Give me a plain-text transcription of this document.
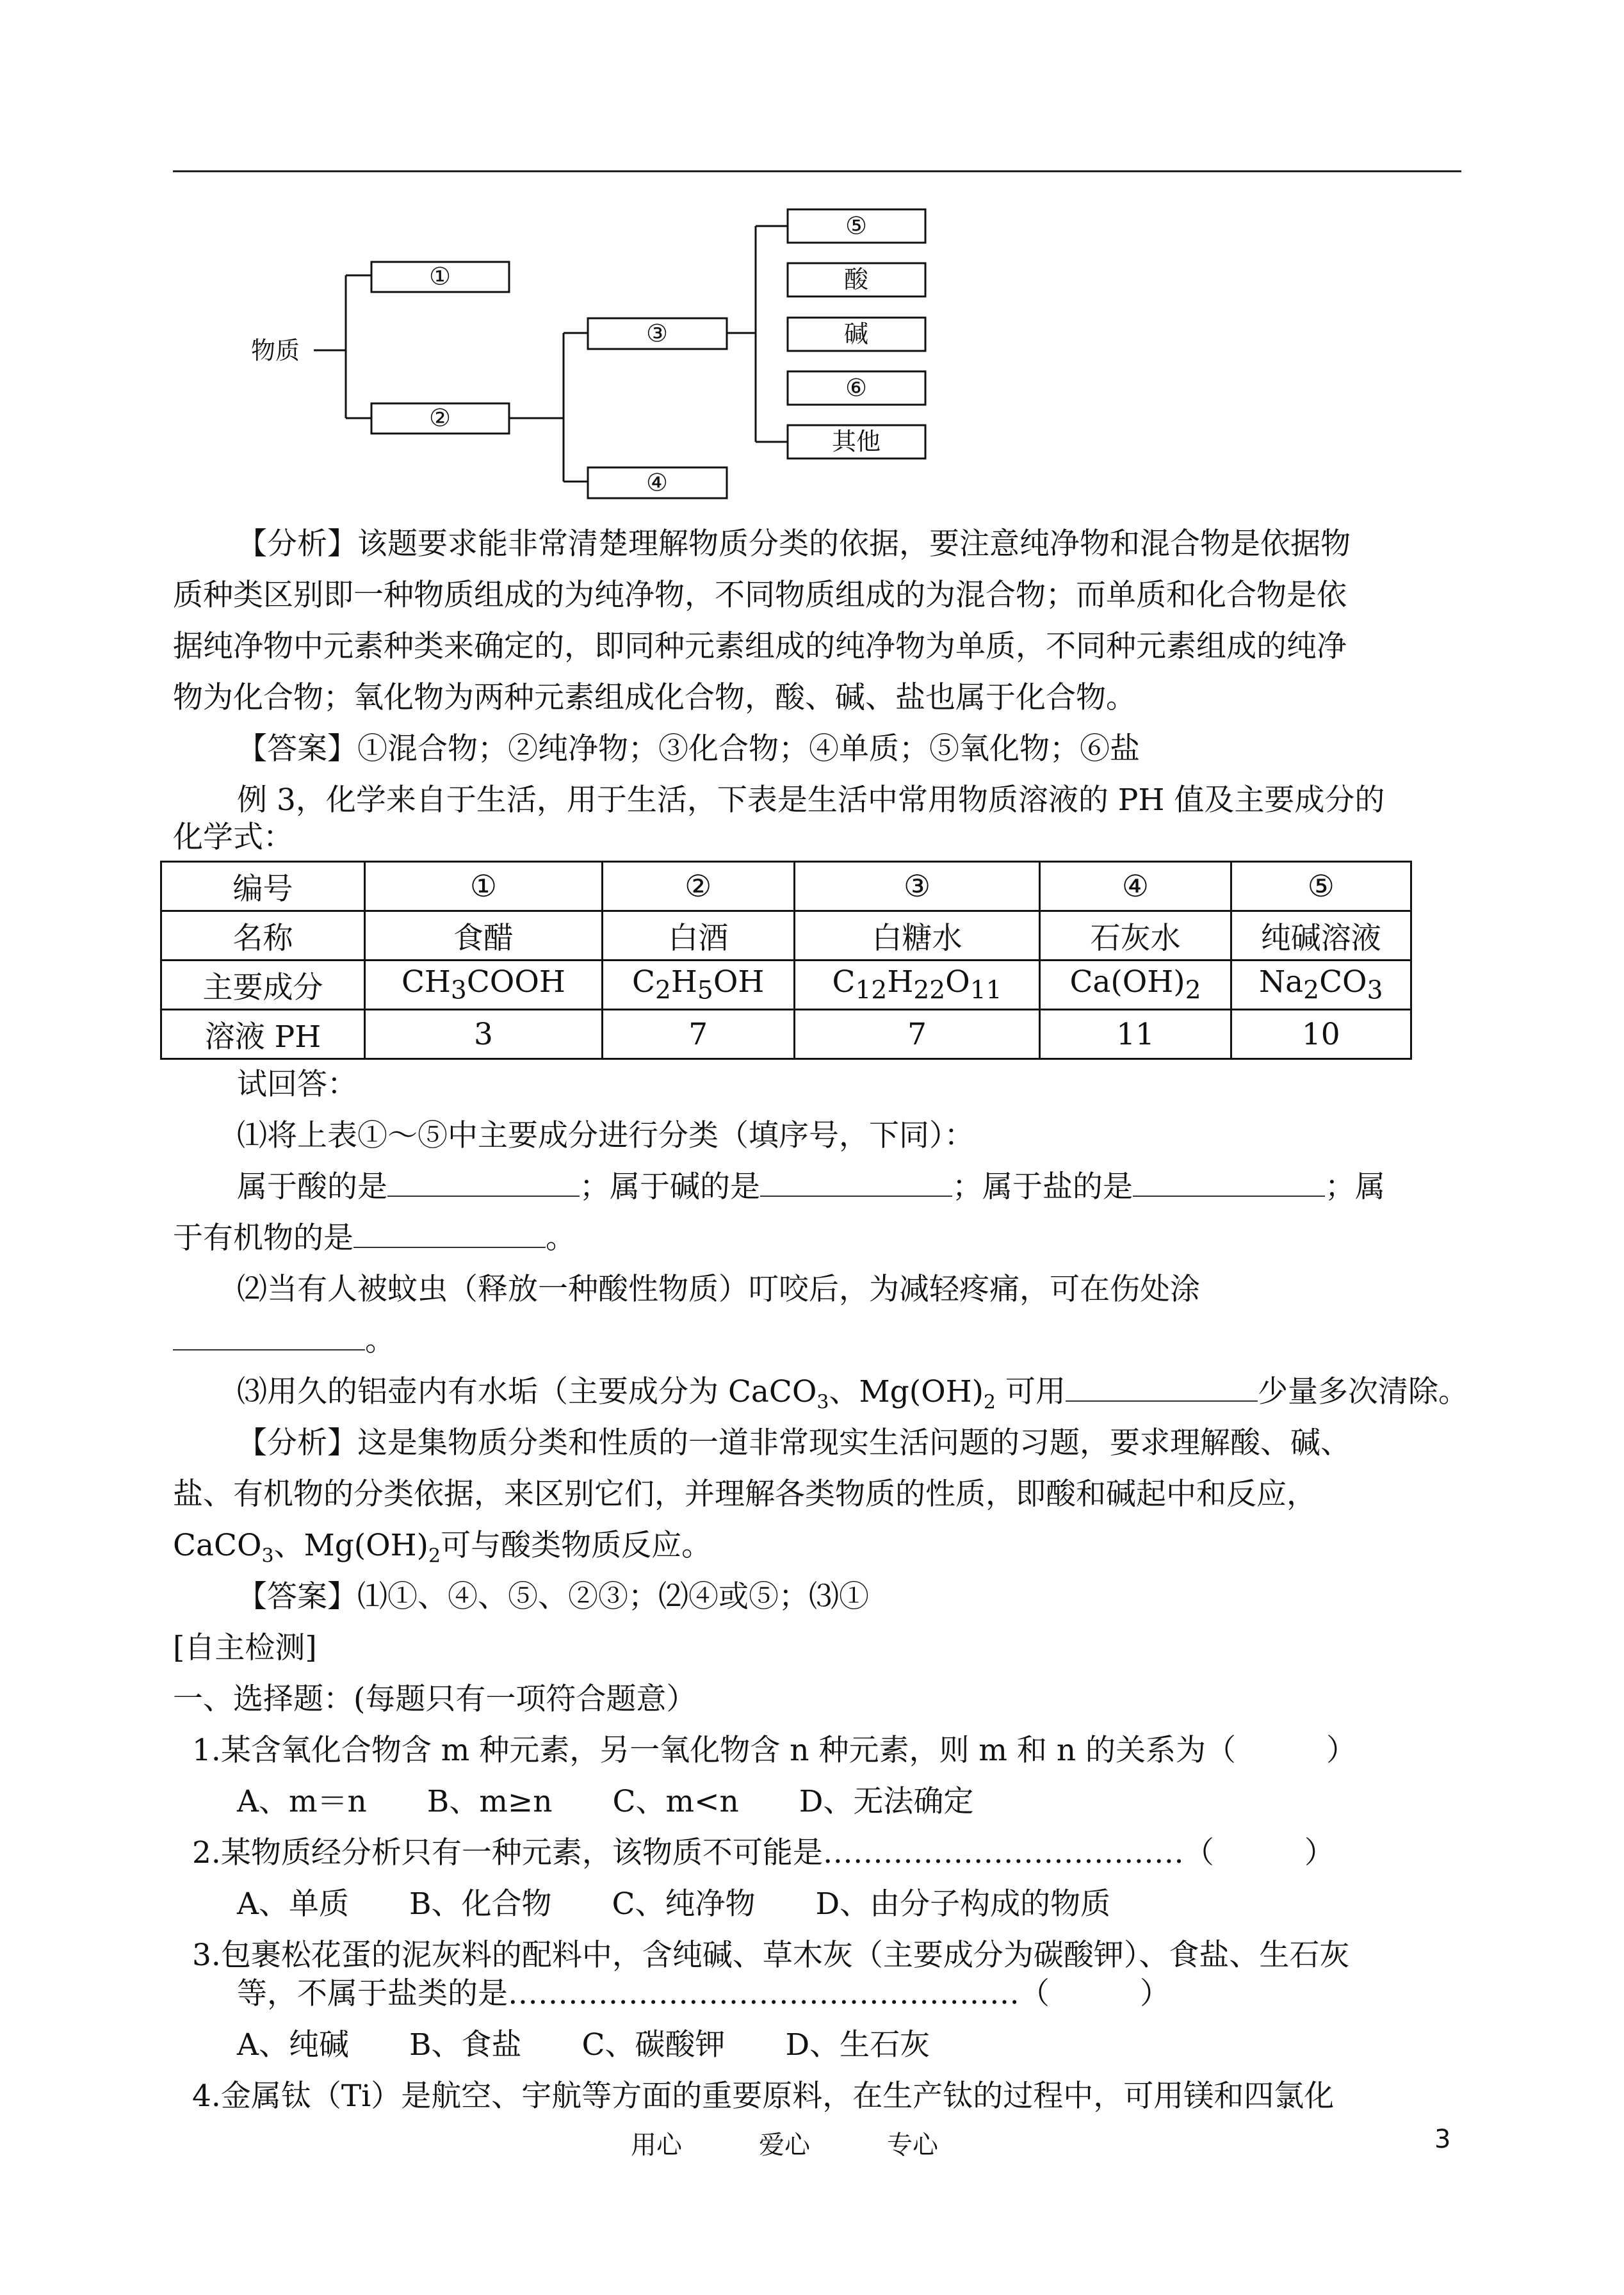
物质
①
②
③
④
⑤
酸
碱
⑥
其他
【分析】该题要求能非常清楚理解物质分类的依据，要注意纯净物和混合物是依据物
质种类区别即一种物质组成的为纯净物，不同物质组成的为混合物；而单质和化合物是依
据纯净物中元素种类来确定的，即同种元素组成的纯净物为单质，不同种元素组成的纯净
物为化合物；氧化物为两种元素组成化合物，酸、碱、盐也属于化合物。
【答案】①混合物；②纯净物；③化合物；④单质；⑤氧化物；⑥盐
例 3，化学来自于生活，用于生活，下表是生活中常用物质溶液的 PH 值及主要成分的
化学式：
编号	①	②	③	④	⑤
名称	食醋	白酒	白糖水	石灰水	纯碱溶液
主要成分	$CH_3COOH$	$C_2H_5OH$	$C_{12}H_{22}O_{11}$	$Ca(OH)_2$	$Na_2CO_3$
溶液 PH	3	7	7	11	10
试回答：
⑴将上表①～⑤中主要成分进行分类（填序号，下同）：
属于酸的是	；属于碱的是	；属于盐的是	；属
于有机物的是	。
⑵当有人被蚊虫（释放一种酸性物质）叮咬后，为减轻疼痛，可在伤处涂
。
⑶用久的铝壶内有水垢（主要成分为 CaCO$_3$、$Mg(OH)_2$ 可用	少量多次清除。
【分析】这是集物质分类和性质的一道非常现实生活问题的习题，要求理解酸、碱、
盐、有机物的分类依据，来区别它们，并理解各类物质的性质，即酸和碱起中和反应，
CaCO$_3$、$Mg(OH)_2$可与酸类物质反应。
【答案】⑴①、④、⑤、②③；⑵④或⑤；⑶①
[自主检测]
一、选择题：(每题只有一项符合题意）
1.某含氧化合物含 m 种元素，另一氧化物含 n 种元素，则 m 和 n 的关系为（　　　）
A、m＝n　　B、m≥n　　C、m<n　　D、无法确定
2.某物质经分析只有一种元素，该物质不可能是………………………………（　　　）
A、单质　　B、化合物　　C、纯净物　　D、由分子构成的物质
3.包裹松花蛋的泥灰料的配料中，含纯碱、草木灰（主要成分为碳酸钾）、食盐、生石灰
等，不属于盐类的是……………………………………………（　　　）
A、纯碱　　B、食盐　　C、碳酸钾　　D、生石灰
4.金属钛（Ti）是航空、宇航等方面的重要原料，在生产钛的过程中，可用镁和四氯化
用心	爱心	专心	3
